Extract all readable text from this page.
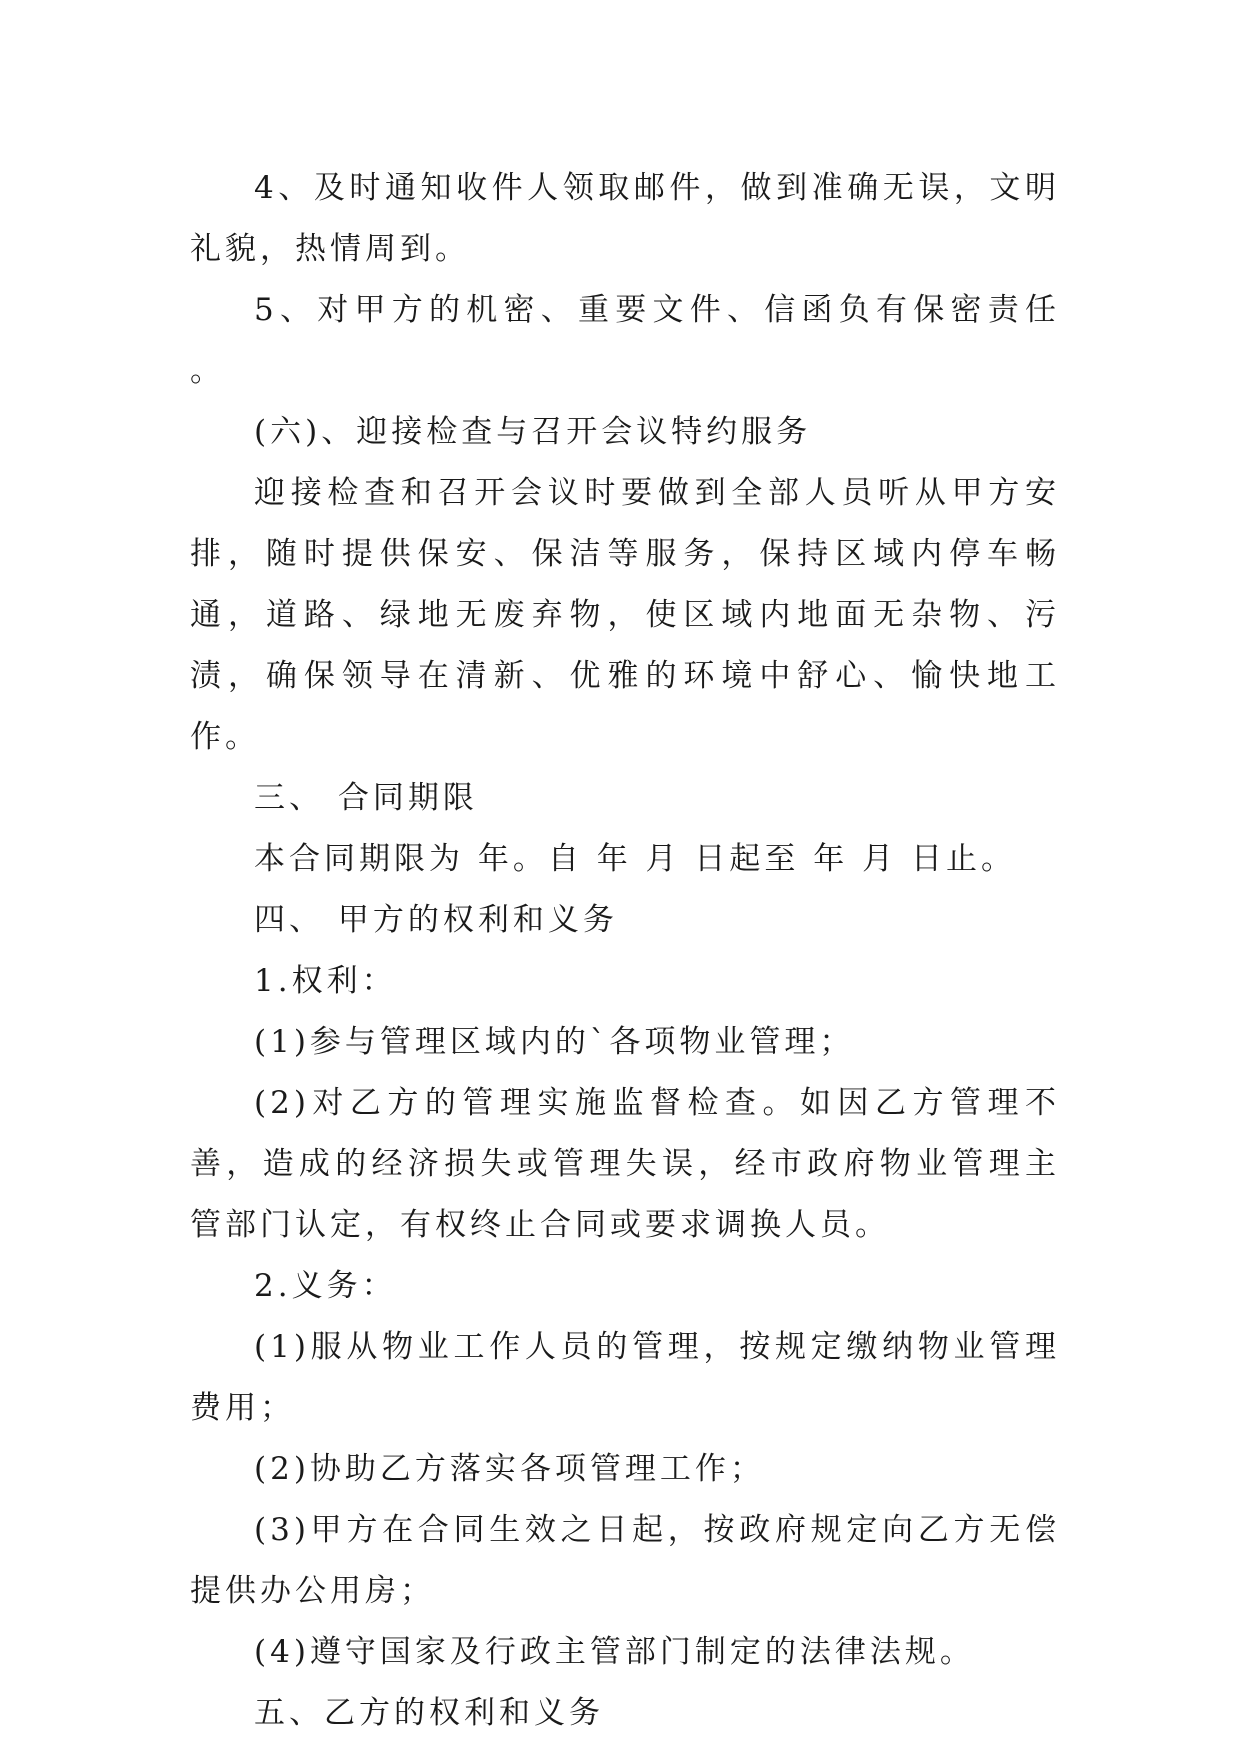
4、及时通知收件人领取邮件，做到准确无误，文明礼貌，热情周到。

5、对甲方的机密、重要文件、信函负有保密责任 。

(六)、迎接检查与召开会议特约服务

迎接检查和召开会议时要做到全部人员听从甲方安排，随时提供保安、保洁等服务，保持区域内停车畅通，道路、绿地无废弃物，使区域内地面无杂物、污渍，确保领导在清新、优雅的环境中舒心、愉快地工作。

三、 合同期限

本合同期限为 年。自 年 月 日起至 年 月 日止。

四、 甲方的权利和义务

1.权利：

(1)参与管理区域内的`各项物业管理；

(2)对乙方的管理实施监督检查。如因乙方管理不善，造成的经济损失或管理失误，经市政府物业管理主管部门认定，有权终止合同或要求调换人员。

2.义务：

(1)服从物业工作人员的管理，按规定缴纳物业管理费用；

(2)协助乙方落实各项管理工作；

(3)甲方在合同生效之日起，按政府规定向乙方无偿提供办公用房；

(4)遵守国家及行政主管部门制定的法律法规。

五、乙方的权利和义务
